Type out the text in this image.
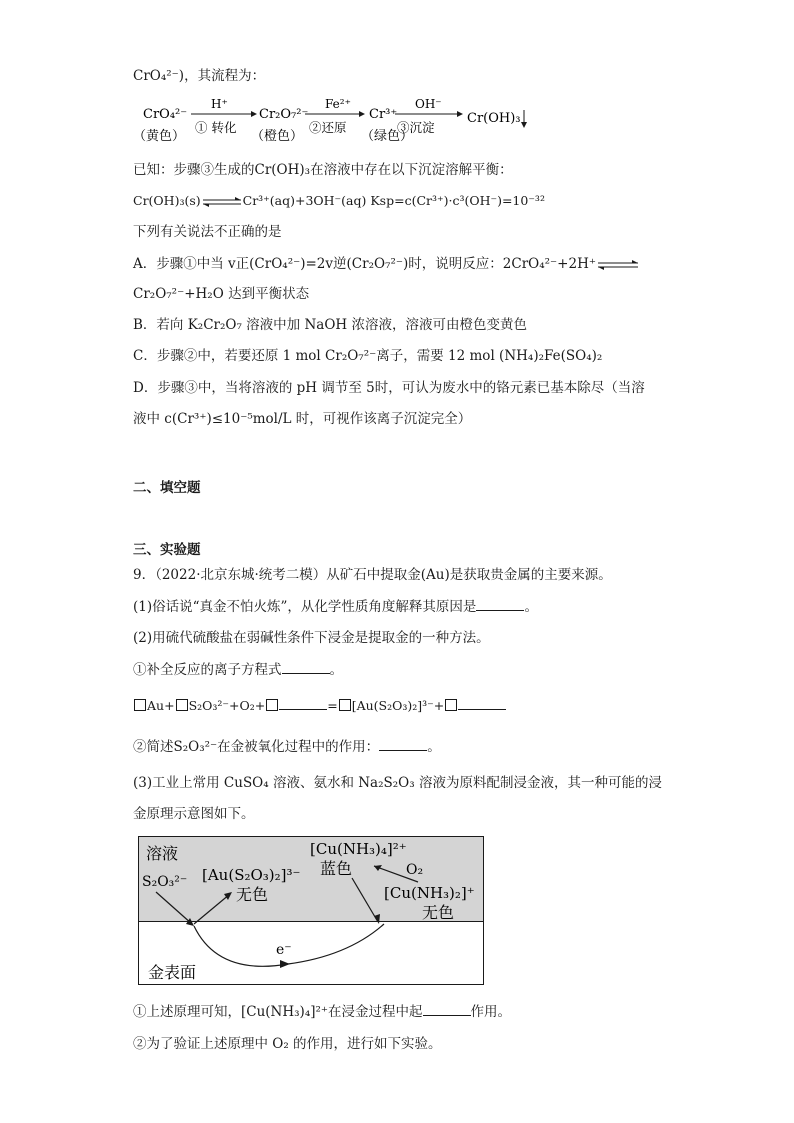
CrO₄²⁻)，其流程为：
CrO₄²⁻
（黄色）
H⁺
① 转化
Cr₂O₇²⁻
（橙色）
Fe²⁺
②还原
Cr³⁺
（绿色）
OH⁻
③沉淀
Cr(OH)₃
已知：步骤③生成的Cr(OH)₃在溶液中存在以下沉淀溶解平衡：
Cr(OH)₃(s)⇌Cr³⁺(aq)+3OH⁻(aq) Ksp=c(Cr³⁺)·c³(OH⁻)=10⁻³²
下列有关说法不正确的是
A．步骤①中当 v正(CrO₄²⁻)=2v逆(Cr₂O₇²⁻)时，说明反应：2CrO₄²⁻+2H⁺⇌
Cr₂O₇²⁻+H₂O 达到平衡状态
B．若向 K₂Cr₂O₇ 溶液中加 NaOH 浓溶液，溶液可由橙色变黄色
C．步骤②中，若要还原 1 mol Cr₂O₇²⁻离子，需要 12 mol (NH₄)₂Fe(SO₄)₂
D．步骤③中，当将溶液的 pH 调节至 5时，可认为废水中的铬元素已基本除尽（当溶
液中 c(Cr³⁺)≤10⁻⁵mol/L 时，可视作该离子沉淀完全）
二、填空题
三、实验题
9．（2022·北京东城·统考二模）从矿石中提取金(Au)是获取贵金属的主要来源。
(1)俗话说“真金不怕火炼”，从化学性质角度解释其原因是	。
(2)用硫代硫酸盐在弱碱性条件下浸金是提取金的一种方法。
①补全反应的离子方程式	。
Au+ S₂O₃²⁻+O₂+	= [Au(S₂O₃)₂]³⁻+
②简述S₂O₃²⁻在金被氧化过程中的作用：	。
(3)工业上常用 CuSO₄ 溶液、氨水和 Na₂S₂O₃ 溶液为原料配制浸金液，其一种可能的浸
金原理示意图如下。
溶液
S₂O₃²⁻ [Au(S₂O₃)₂]³⁻
无色
[Cu(NH₃)₄]²⁺
蓝色	O₂
[Cu(NH₃)₂]⁺
无色
e⁻
金表面
①上述原理可知，[Cu(NH₃)₄]²⁺在浸金过程中起	作用。
②为了验证上述原理中 O₂ 的作用，进行如下实验。
